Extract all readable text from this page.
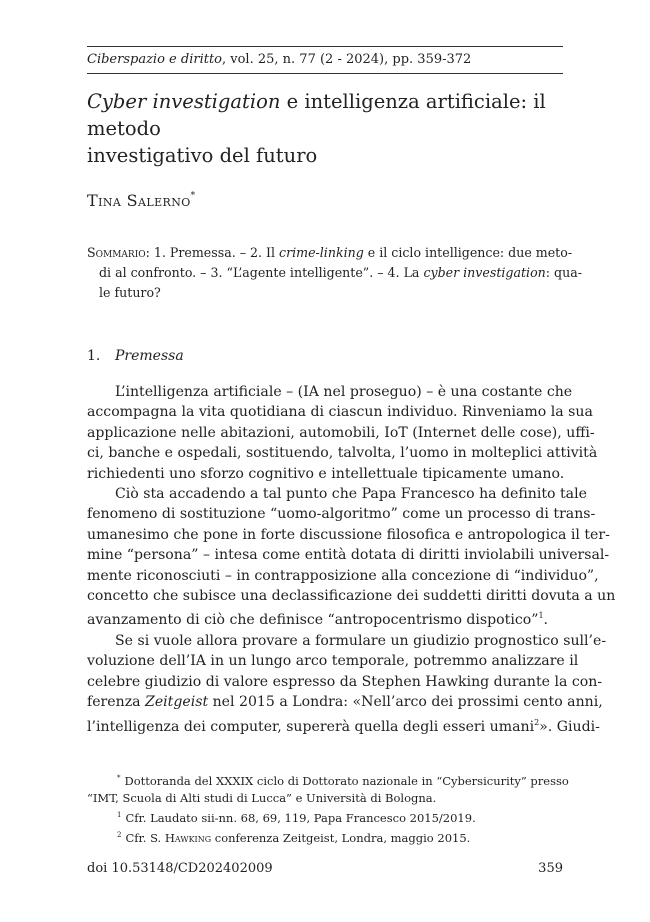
Ciberspazio e diritto, vol. 25, n. 77 (2 - 2024), pp. 359-372
Cyber investigation e intelligenza artificiale: il metodo
investigativo del futuro
Tina Salerno*
Sommario: 1. Premessa. – 2. Il crime-linking e il ciclo intelligence: due meto-
di al confronto. – 3. “L’agente intelligente”. – 4. La cyber investigation: qua-
le futuro?
1. Premessa
L’intelligenza artificiale – (IA nel proseguo) – è una costante che
accompagna la vita quotidiana di ciascun individuo. Rinveniamo la sua
applicazione nelle abitazioni, automobili, IoT (Internet delle cose), uffi-
ci, banche e ospedali, sostituendo, talvolta, l’uomo in molteplici attività
richiedenti uno sforzo cognitivo e intellettuale tipicamente umano.
Ciò sta accadendo a tal punto che Papa Francesco ha definito tale
fenomeno di sostituzione “uomo-algoritmo” come un processo di trans-
umanesimo che pone in forte discussione filosofica e antropologica il ter-
mine “persona” – intesa come entità dotata di diritti inviolabili universal-
mente riconosciuti – in contrapposizione alla concezione di “individuo”,
concetto che subisce una declassificazione dei suddetti diritti dovuta a un
avanzamento di ciò che definisce “antropocentrismo dispotico”$^1$.
Se si vuole allora provare a formulare un giudizio prognostico sull’e-
voluzione dell’IA in un lungo arco temporale, potremmo analizzare il
celebre giudizio di valore espresso da Stephen Hawking durante la con-
ferenza Zeitgeist nel 2015 a Londra: «Nell’arco dei prossimi cento anni,
l’intelligenza dei computer, supererà quella degli esseri umani$^2$». Giudi-
* Dottoranda del XXXIX ciclo di Dottorato nazionale in “Cybersicurity” presso
“IMT, Scuola di Alti studi di Lucca” e Università di Bologna.
$^1$ Cfr. Laudato sii-nn. 68, 69, 119, Papa Francesco 2015/2019.
$^2$ Cfr. S. Hawking conferenza Zeitgeist, Londra, maggio 2015.
doi 10.53148/CD202402009	359
